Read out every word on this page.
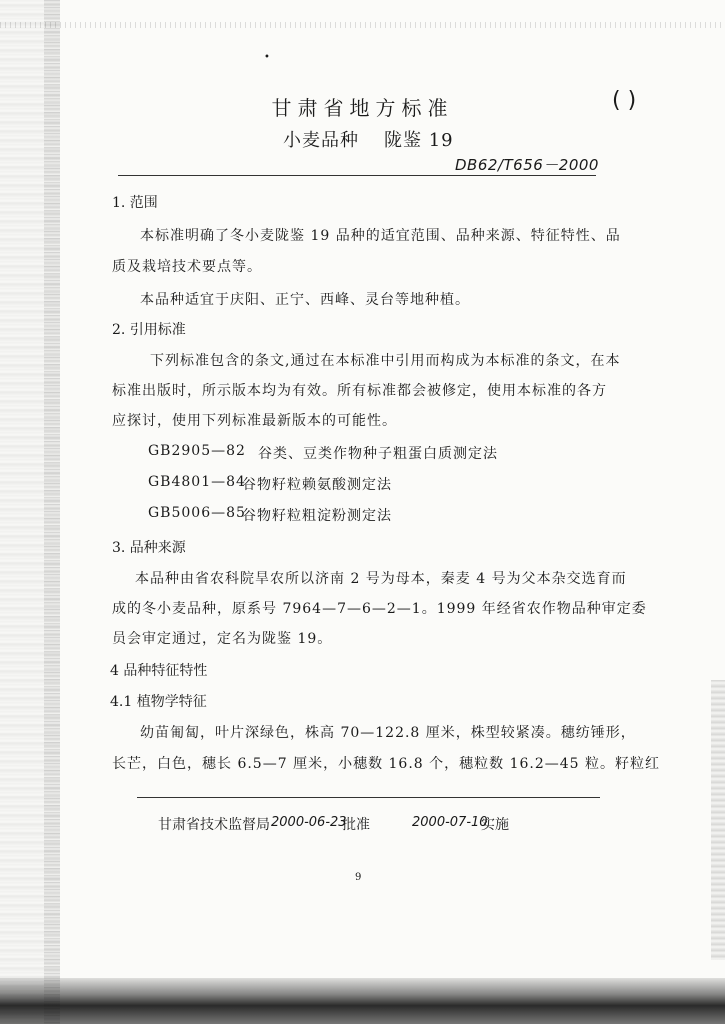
•
甘肃省地方标准	( )
小麦品种 陇鉴 19
DB62/T656－2000
1. 范围
本标准明确了冬小麦陇鉴 19 品种的适宜范围、品种来源、特征特性、品
质及栽培技术要点等。
本品种适宜于庆阳、正宁、西峰、灵台等地种植。
2. 引用标准
下列标准包含的条文,通过在本标准中引用而构成为本标准的条文，在本
标准出版时，所示版本均为有效。所有标准都会被修定，使用本标准的各方
应探讨，使用下列标准最新版本的可能性。
GB2905—82 谷类、豆类作物种子粗蛋白质测定法
GB4801—84
谷物籽粒赖氨酸测定法
GB5006—85
谷物籽粒粗淀粉测定法
3. 品种来源
本品种由省农科院旱农所以济南 2 号为母本，秦麦 4 号为父本杂交选育而
成的冬小麦品种，原系号 7964—7—6—2—1。1999 年经省农作物品种审定委
员会审定通过，定名为陇鉴 19。
4 品种特征特性
4.1 植物学特征
幼苗匍匐，叶片深绿色，株高 70—122.8 厘米，株型较紧凑。穗纺锤形，
长芒，白色，穗长 6.5—7 厘米，小穗数 16.8 个，穗粒数 16.2—45 粒。籽粒红
甘肃省技术监督局 2000-06-23
批准	2000-07-10
实施
9
